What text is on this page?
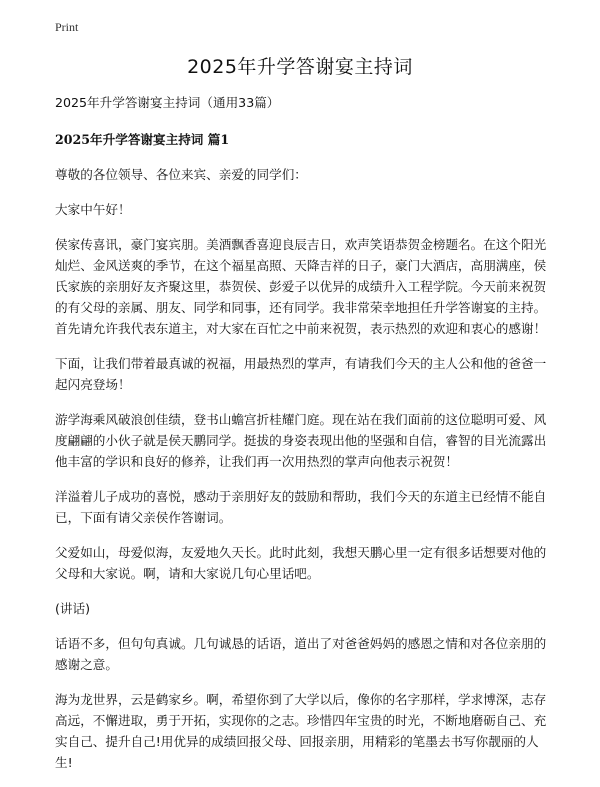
Print
2025年升学答谢宴主持词

2025年升学答谢宴主持词（通用33篇）

2025年升学答谢宴主持词 篇1

尊敬的各位领导、各位来宾、亲爱的同学们：

大家中午好！

侯家传喜讯，豪门宴宾朋。美酒飘香喜迎良辰吉日，欢声笑语恭贺金榜题名。在这个阳光灿烂、金风送爽的季节，在这个福星高照、天降吉祥的日子，豪门大酒店，高朋满座，侯氏家族的亲朋好友齐聚这里，恭贺侯、彭爱子以优异的成绩升入工程学院。今天前来祝贺的有父母的亲属、朋友、同学和同事，还有同学。我非常荣幸地担任升学答谢宴的主持。首先请允许我代表东道主，对大家在百忙之中前来祝贺，表示热烈的欢迎和衷心的感谢！

下面，让我们带着最真诚的祝福，用最热烈的掌声，有请我们今天的主人公和他的爸爸一起闪亮登场！

游学海乘风破浪创佳绩，登书山蟾宫折桂耀门庭。现在站在我们面前的这位聪明可爱、风度翩翩的小伙子就是侯天鹏同学。挺拔的身姿表现出他的坚强和自信，睿智的目光流露出他丰富的学识和良好的修养，让我们再一次用热烈的掌声向他表示祝贺！

洋溢着儿子成功的喜悦，感动于亲朋好友的鼓励和帮助，我们今天的东道主已经情不能自已，下面有请父亲侯作答谢词。

父爱如山，母爱似海，友爱地久天长。此时此刻，我想天鹏心里一定有很多话想要对他的父母和大家说。啊，请和大家说几句心里话吧。

(讲话)

话语不多，但句句真诚。几句诚恳的话语，道出了对爸爸妈妈的感恩之情和对各位亲朋的感谢之意。

海为龙世界，云是鹤家乡。啊，希望你到了大学以后，像你的名字那样，学求博深，志存高远，不懈进取，勇于开拓，实现你的之志。珍惜四年宝贵的时光，不断地磨砺自己、充实自己、提升自己!用优异的成绩回报父母、回报亲朋，用精彩的笔墨去书写你靓丽的人生!
